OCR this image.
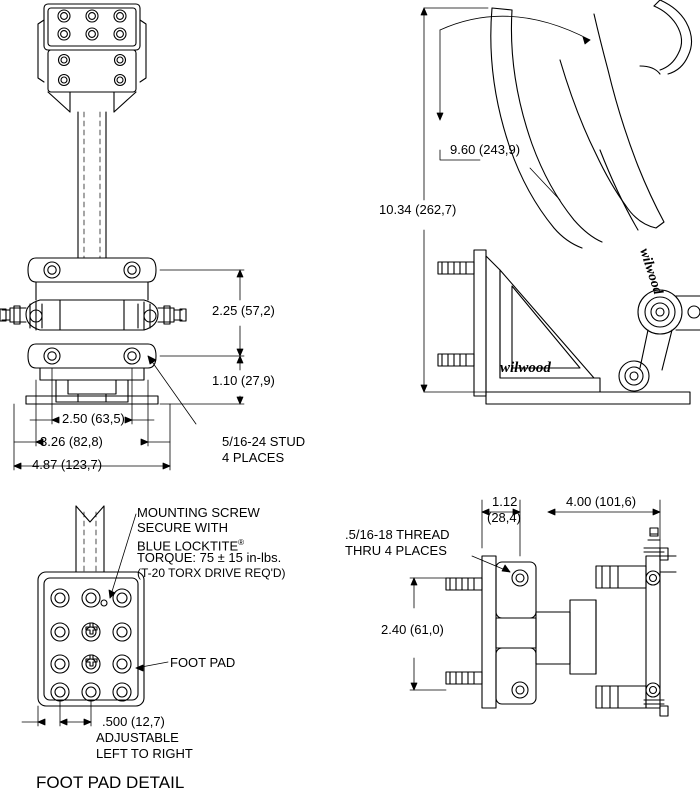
wilwood
wilwood
2.25 (57,2)
1.10 (27,9)
2.50 (63,5)
3.26 (82,8)
4.87 (123,7)
5/16-24 STUD
4 PLACES
9.60 (243,9)
10.34 (262,7)
MOUNTING SCREW
SECURE WITH
BLUE LOCKTITE®
TORQUE: 75 ± 15 in-lbs.
(T-20 TORX DRIVE REQ'D)
FOOT PAD
.500 (12,7)
ADJUSTABLE
LEFT TO RIGHT
FOOT PAD DETAIL
1.12
(28,4)
4.00 (101,6)
2.40 (61,0)
.5/16-18 THREAD
THRU 4 PLACES
